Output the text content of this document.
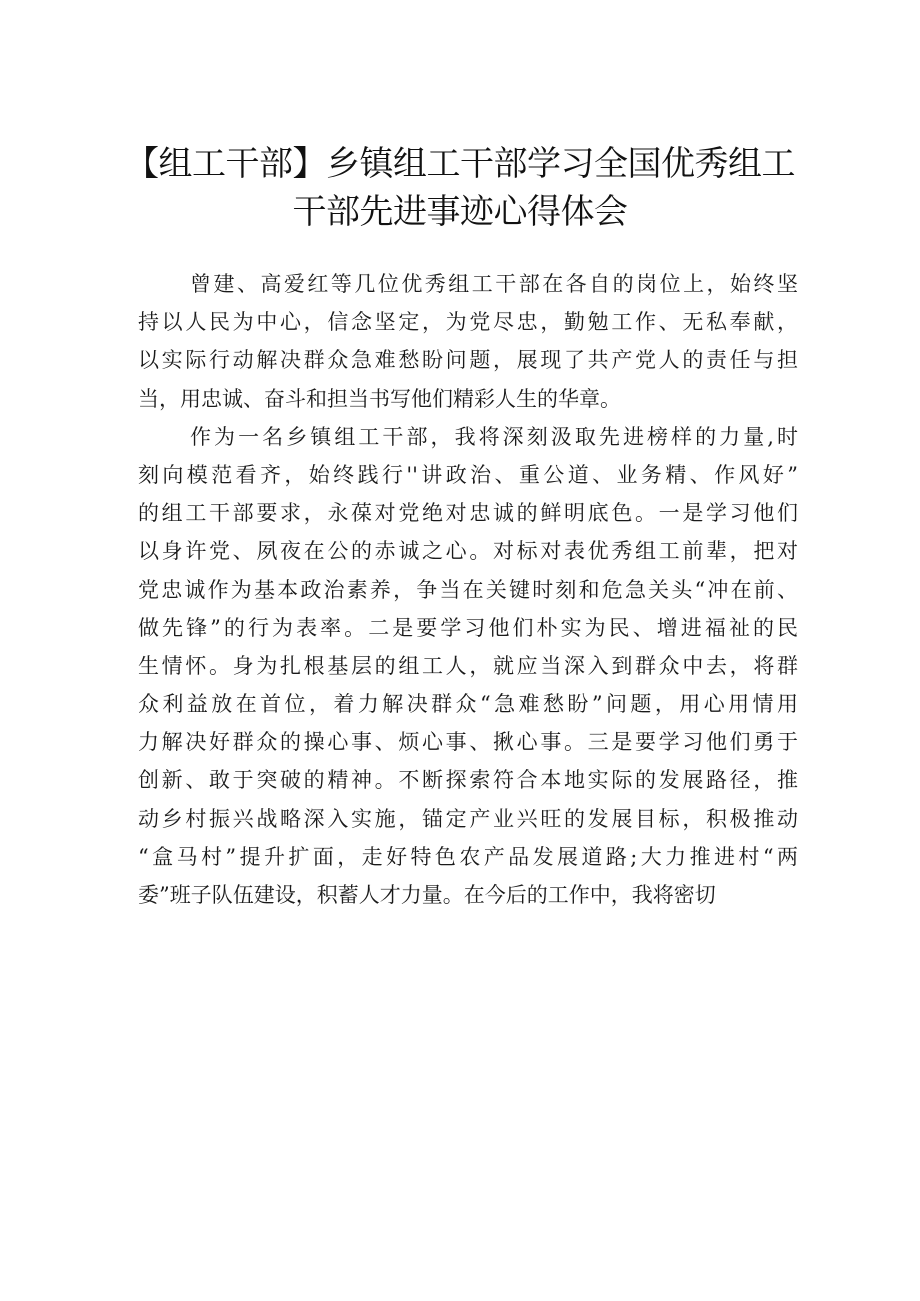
【组工干部】乡镇组工干部学习全国优秀组工
干部先进事迹心得体会
曾建、高爱红等几位优秀组工干部在各自的岗位上，始终坚
持以人民为中心，信念坚定，为党尽忠，勤勉工作、无私奉献，
以实际行动解决群众急难愁盼问题，展现了共产党人的责任与担
当，用忠诚、奋斗和担当书写他们精彩人生的华章。
作为一名乡镇组工干部，我将深刻汲取先进榜样的力量,时
刻向模范看齐，始终践行''讲政治、重公道、业务精、作风好”
的组工干部要求，永葆对党绝对忠诚的鲜明底色。一是学习他们
以身许党、夙夜在公的赤诚之心。对标对表优秀组工前辈，把对
党忠诚作为基本政治素养，争当在关键时刻和危急关头“冲在前、
做先锋”的行为表率。二是要学习他们朴实为民、增进福祉的民
生情怀。身为扎根基层的组工人，就应当深入到群众中去，将群
众利益放在首位，着力解决群众“急难愁盼”问题，用心用情用
力解决好群众的操心事、烦心事、揪心事。三是要学习他们勇于
创新、敢于突破的精神。不断探索符合本地实际的发展路径，推
动乡村振兴战略深入实施，锚定产业兴旺的发展目标，积极推动
“盒马村”提升扩面，走好特色农产品发展道路;大力推进村“两
委”班子队伍建设，积蓄人才力量。在今后的工作中，我将密切
